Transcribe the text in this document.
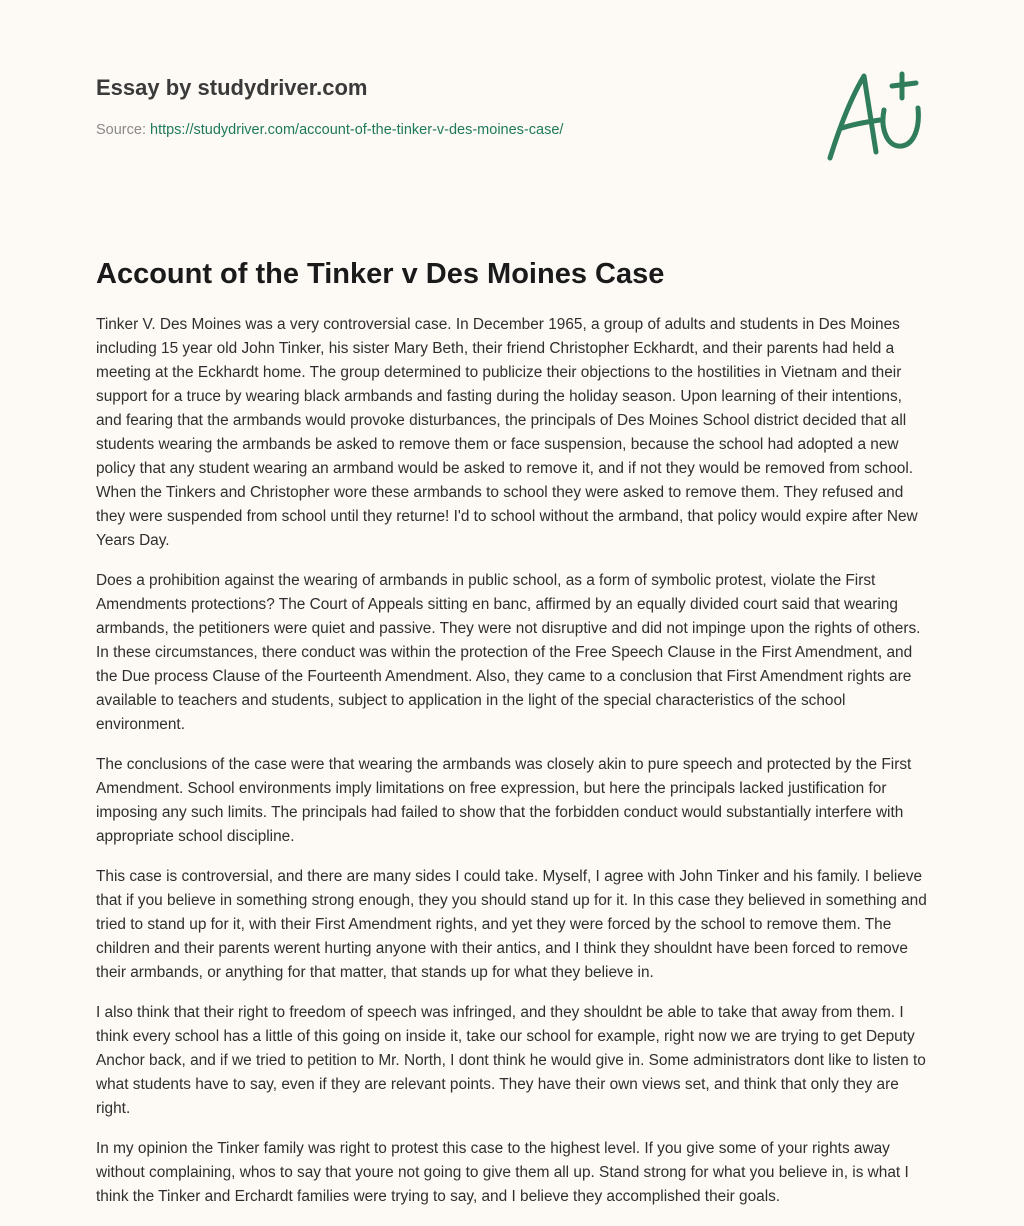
Essay by studydriver.com

Source: https://studydriver.com/account-of-the-tinker-v-des-moines-case/
Account of the Tinker v Des Moines Case

Tinker V. Des Moines was a very controversial case. In December 1965, a group of adults and students in Des Moines including 15 year old John Tinker, his sister Mary Beth, their friend Christopher Eckhardt, and their parents had held a meeting at the Eckhardt home. The group determined to publicize their objections to the hostilities in Vietnam and their support for a truce by wearing black armbands and fasting during the holiday season. Upon learning of their intentions, and fearing that the armbands would provoke disturbances, the principals of Des Moines School district decided that all students wearing the armbands be asked to remove them or face suspension, because the school had adopted a new policy that any student wearing an armband would be asked to remove it, and if not they would be removed from school. When the Tinkers and Christopher wore these armbands to school they were asked to remove them. They refused and they were suspended from school until they returne! I'd to school without the armband, that policy would expire after New Years Day.

Does a prohibition against the wearing of armbands in public school, as a form of symbolic protest, violate the First Amendments protections? The Court of Appeals sitting en banc, affirmed by an equally divided court said that wearing armbands, the petitioners were quiet and passive. They were not disruptive and did not impinge upon the rights of others. In these circumstances, there conduct was within the protection of the Free Speech Clause in the First Amendment, and the Due process Clause of the Fourteenth Amendment. Also, they came to a conclusion that First Amendment rights are available to teachers and students, subject to application in the light of the special characteristics of the school environment.

The conclusions of the case were that wearing the armbands was closely akin to pure speech and protected by the First Amendment. School environments imply limitations on free expression, but here the principals lacked justification for imposing any such limits. The principals had failed to show that the forbidden conduct would substantially interfere with appropriate school discipline.

This case is controversial, and there are many sides I could take. Myself, I agree with John Tinker and his family. I believe that if you believe in something strong enough, they you should stand up for it. In this case they believed in something and tried to stand up for it, with their First Amendment rights, and yet they were forced by the school to remove them. The children and their parents werent hurting anyone with their antics, and I think they shouldnt have been forced to remove their armbands, or anything for that matter, that stands up for what they believe in.

I also think that their right to freedom of speech was infringed, and they shouldnt be able to take that away from them. I think every school has a little of this going on inside it, take our school for example, right now we are trying to get Deputy Anchor back, and if we tried to petition to Mr. North, I dont think he would give in. Some administrators dont like to listen to what students have to say, even if they are relevant points. They have their own views set, and think that only they are right.

In my opinion the Tinker family was right to protest this case to the highest level. If you give some of your rights away without complaining, whos to say that youre not going to give them all up. Stand strong for what you believe in, is what I think the Tinker and Erchardt families were trying to say, and I believe they accomplished their goals.
